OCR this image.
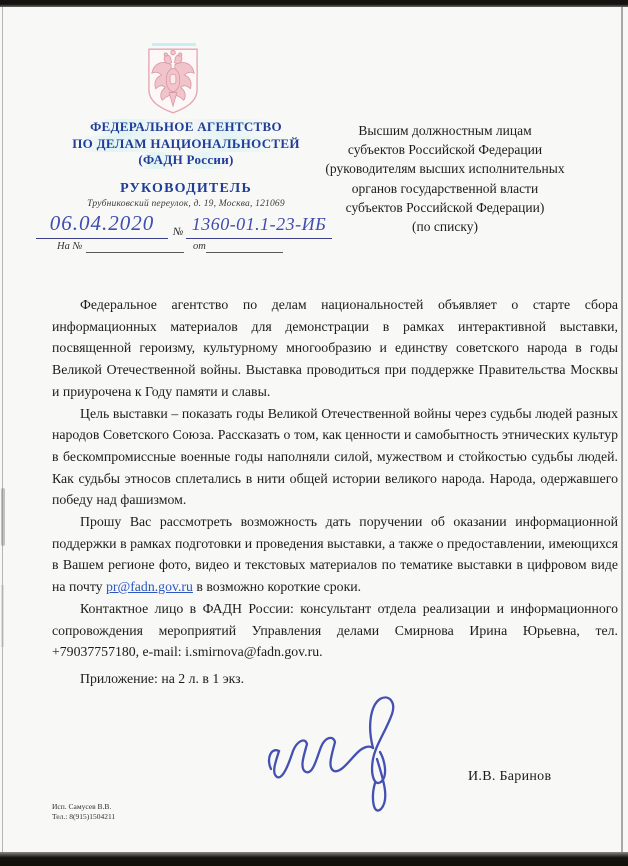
ФЕДЕРАЛЬНОЕ АГЕНТСТВО
ПО ДЕЛАМ НАЦИОНАЛЬНОСТЕЙ
(ФАДН России)
РУКОВОДИТЕЛЬ
Трубниковский переулок, д. 19, Москва, 121069
06.04.2020	№ 1360-01.1-23-ИБ
На №	от
Высшим должностным лицам
субъектов Российской Федерации
(руководителям высших исполнительных
органов государственной власти
субъектов Российской Федерации)
(по списку)

Федеральное агентство по делам национальностей объявляет о старте сбора информационных материалов для демонстрации в рамках интерактивной выставки, посвященной героизму, культурному многообразию и единству советского народа в годы Великой Отечественной войны. Выставка проводиться при поддержке Правительства Москвы и приурочена к Году памяти и славы.

Цель выставки – показать годы Великой Отечественной войны через судьбы людей разных народов Советского Союза. Рассказать о том, как ценности и самобытность этнических культур в бескомпромиссные военные годы наполняли силой, мужеством и стойкостью судьбы людей. Как судьбы этносов сплетались в нити общей истории великого народа. Народа, одержавшего победу над фашизмом.

Прошу Вас рассмотреть возможность дать поручении об оказании информационной поддержки в рамках подготовки и проведения выставки, а также о предоставлении, имеющихся в Вашем регионе фото, видео и текстовых материалов по тематике выставки в цифровом виде на почту pr@fadn.gov.ru в возможно короткие сроки.

Контактное лицо в ФАДН России: консультант отдела реализации и информационного сопровождения мероприятий Управления делами Смирнова Ирина Юрьевна, тел. +79037757180, e-mail: i.smirnova@fadn.gov.ru.

Приложение: на 2 л. в 1 экз.
И.В. Баринов
Исп. Самусев В.В.
Тел.: 8(915)1504211
